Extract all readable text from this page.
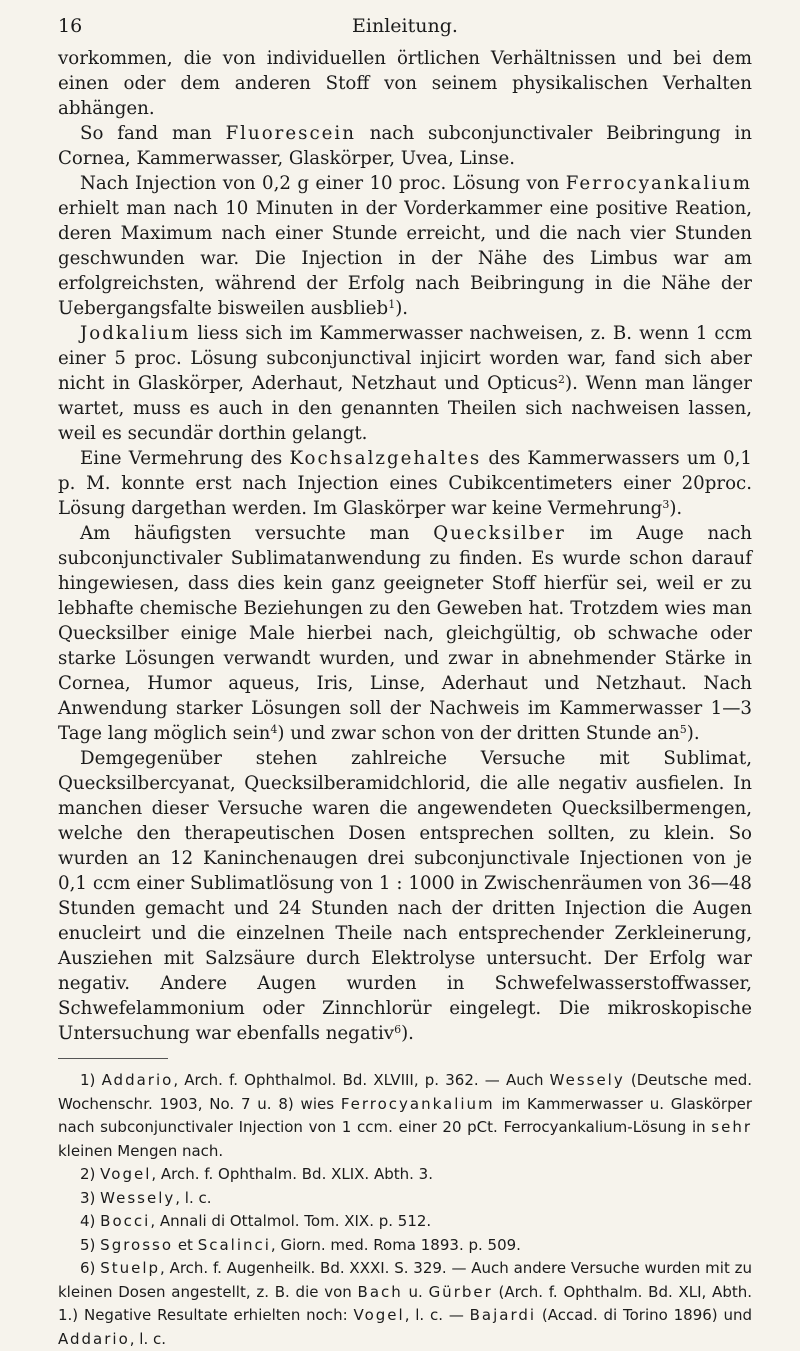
16	Einleitung.

vorkommen, die von individuellen örtlichen Verhältnissen und bei dem einen oder dem anderen Stoff von seinem physikalischen Verhalten abhängen.

So fand man Fluorescein nach subconjunctivaler Beibringung in Cornea, Kammerwasser, Glaskörper, Uvea, Linse.

Nach Injection von 0,2 g einer 10 proc. Lösung von Ferrocyankalium erhielt man nach 10 Minuten in der Vorderkammer eine positive Reation, deren Maximum nach einer Stunde erreicht, und die nach vier Stunden geschwunden war. Die Injection in der Nähe des Limbus war am erfolgreichsten, während der Erfolg nach Beibringung in die Nähe der Uebergangsfalte bisweilen ausblieb$^1$).

Jodkalium liess sich im Kammerwasser nachweisen, z. B. wenn 1 ccm einer 5 proc. Lösung subconjunctival injicirt worden war, fand sich aber nicht in Glaskörper, Aderhaut, Netzhaut und Opticus$^2$). Wenn man länger wartet, muss es auch in den genannten Theilen sich nachweisen lassen, weil es secundär dorthin gelangt.

Eine Vermehrung des Kochsalzgehaltes des Kammerwassers um 0,1 p. M. konnte erst nach Injection eines Cubikcentimeters einer 20proc. Lösung dargethan werden. Im Glaskörper war keine Vermehrung$^3$).

Am häufigsten versuchte man Quecksilber im Auge nach subconjunctivaler Sublimatanwendung zu finden. Es wurde schon darauf hingewiesen, dass dies kein ganz geeigneter Stoff hierfür sei, weil er zu lebhafte chemische Beziehungen zu den Geweben hat. Trotzdem wies man Quecksilber einige Male hierbei nach, gleichgültig, ob schwache oder starke Lösungen verwandt wurden, und zwar in abnehmender Stärke in Cornea, Humor aqueus, Iris, Linse, Aderhaut und Netzhaut. Nach Anwendung starker Lösungen soll der Nachweis im Kammerwasser 1—3 Tage lang möglich sein$^4$) und zwar schon von der dritten Stunde $an^5$).

Demgegenüber stehen zahlreiche Versuche mit Sublimat, Quecksilbercyanat, Quecksilberamidchlorid, die alle negativ ausfielen. In manchen dieser Versuche waren die angewendeten Quecksilbermengen, welche den therapeutischen Dosen entsprechen sollten, zu klein. So wurden an 12 Kaninchenaugen drei subconjunctivale Injectionen von je 0,1 ccm einer Sublimatlösung von 1 : 1000 in Zwischenräumen von 36—48 Stunden gemacht und 24 Stunden nach der dritten Injection die Augen enucleirt und die einzelnen Theile nach entsprechender Zerkleinerung, Ausziehen mit Salzsäure durch Elektrolyse untersucht. Der Erfolg war negativ. Andere Augen wurden in Schwefelwasserstoffwasser, Schwefelammonium oder Zinnchlorür eingelegt. Die mikroskopische Untersuchung war ebenfalls negativ$^6$).

1) Addario, Arch. f. Ophthalmol. Bd. XLVIII, p. 362. — Auch Wessely (Deutsche med. Wochenschr. 1903, No. 7 u. 8) wies Ferrocyankalium im Kammerwasser u. Glaskörper nach subconjunctivaler Injection von 1 ccm. einer 20 pCt. Ferrocyankalium-Lösung in sehr kleinen Mengen nach.

2) Vogel, Arch. f. Ophthalm. Bd. XLIX. Abth. 3.

3) Wessely, l. c.

4) Bocci, Annali di Ottalmol. Tom. XIX. p. 512.

5) Sgrosso et Scalinci, Giorn. med. Roma 1893. p. 509.

6) Stuelp, Arch. f. Augenheilk. Bd. XXXI. S. 329. — Auch andere Versuche wurden mit zu kleinen Dosen angestellt, z. B. die von Bach u. Gürber (Arch. f. Ophthalm. Bd. XLI, Abth. 1.) Negative Resultate erhielten noch: Vogel, l. c. — Bajardi (Accad. di Torino 1896) und Addario, l. c.
